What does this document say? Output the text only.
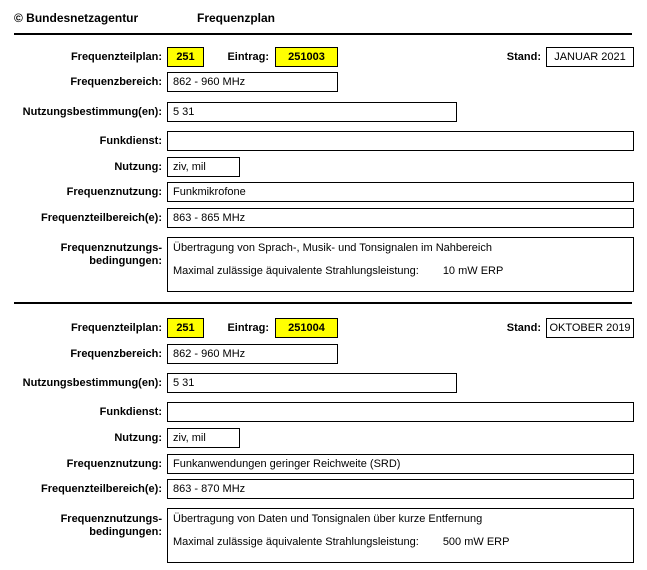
© Bundesnetzagentur	Frequenzplan
Frequenzteilplan:	251	Eintrag:	251003	Stand:	JANUAR 2021
Frequenzbereich:	862 - 960 MHz
Nutzungsbestimmung(en):	5 31
Funkdienst:
Nutzung:	ziv, mil
Frequenznutzung:	Funkmikrofone
Frequenzteilbereich(e):	863 - 865 MHz
Frequenznutzungs-
bedingungen:
Übertragung von Sprach-, Musik- und Tonsignalen im Nahbereich
Maximal zulässige äquivalente Strahlungsleistung: 10 mW ERP
Frequenzteilplan:	251	Eintrag:	251004	Stand: OKTOBER 2019
Frequenzbereich:	862 - 960 MHz
Nutzungsbestimmung(en):	5 31
Funkdienst:
Nutzung:	ziv, mil
Frequenznutzung:	Funkanwendungen geringer Reichweite (SRD)
Frequenzteilbereich(e):	863 - 870 MHz
Frequenznutzungs-
bedingungen:
Übertragung von Daten und Tonsignalen über kurze Entfernung
Maximal zulässige äquivalente Strahlungsleistung: 500 mW ERP
